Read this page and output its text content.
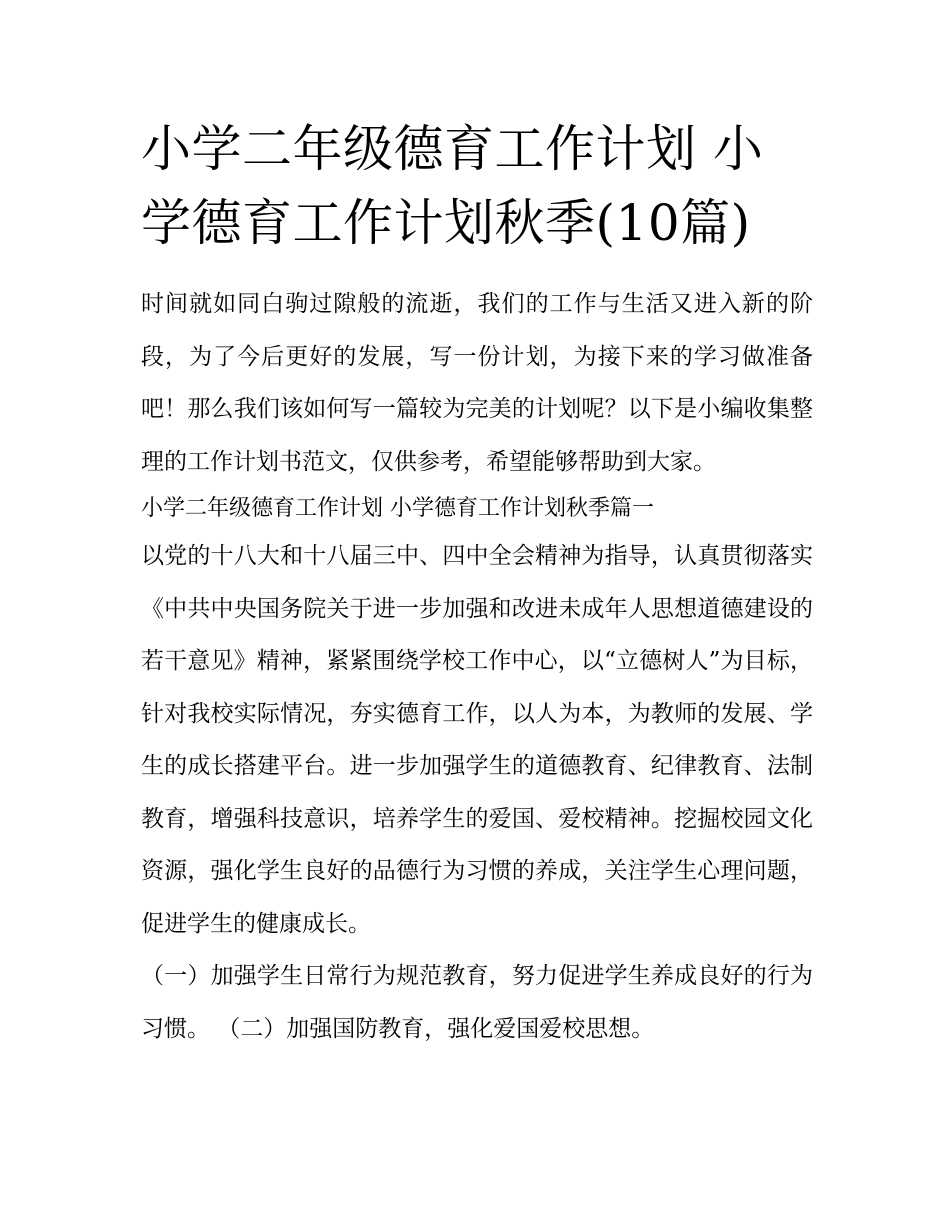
小学二年级德育工作计划 小学德育工作计划秋季(10篇)

时间就如同白驹过隙般的流逝，我们的工作与生活又进入新的阶段，为了今后更好的发展，写一份计划，为接下来的学习做准备吧！那么我们该如何写一篇较为完美的计划呢？以下是小编收集整理的工作计划书范文，仅供参考，希望能够帮助到大家。

小学二年级德育工作计划 小学德育工作计划秋季篇一

以党的十八大和十八届三中、四中全会精神为指导，认真贯彻落实《中共中央国务院关于进一步加强和改进未成年人思想道德建设的若干意见》精神，紧紧围绕学校工作中心，以“立德树人”为目标，针对我校实际情况，夯实德育工作，以人为本，为教师的发展、学生的成长搭建平台。进一步加强学生的道德教育、纪律教育、法制教育，增强科技意识，培养学生的爱国、爱校精神。挖掘校园文化资源，强化学生良好的品德行为习惯的养成，关注学生心理问题，促进学生的健康成长。

（一）加强学生日常行为规范教育，努力促进学生养成良好的行为习惯。 （二）加强国防教育，强化爱国爱校思想。
